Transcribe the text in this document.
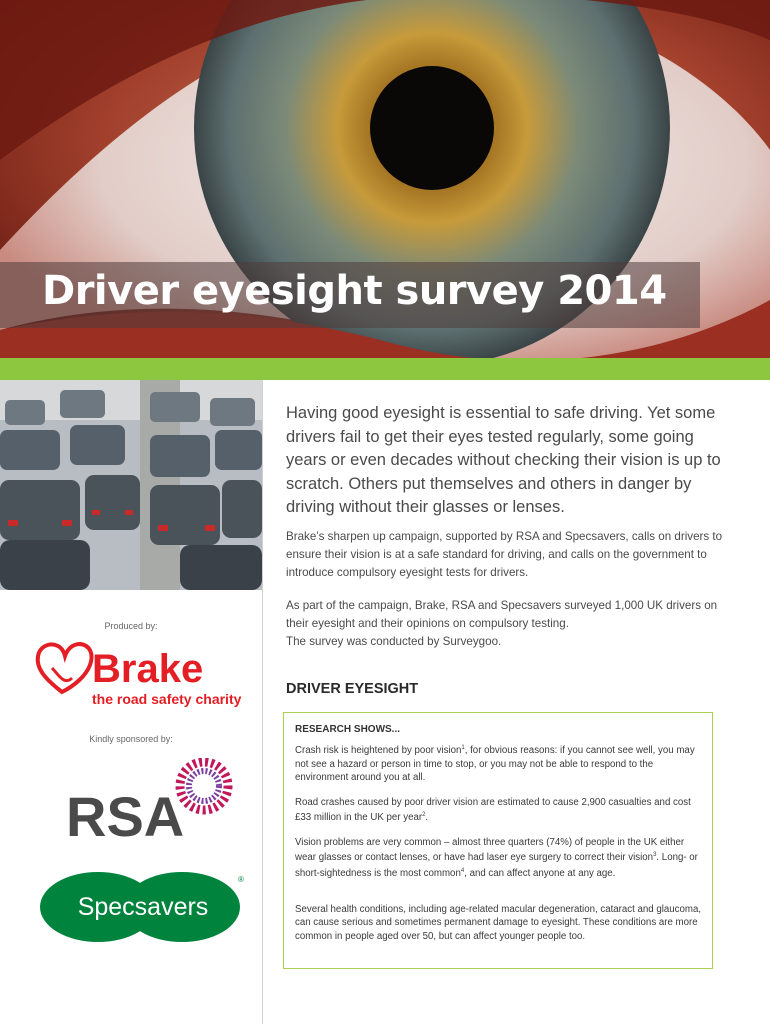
Driver eyesight survey 2014
Produced by:
Brake
the road safety charity
Kindly sponsored by:
RSA
Specsavers
®
Having good eyesight is essential to safe driving. Yet some drivers fail to get their eyes tested regularly, some going years or even decades without checking their vision is up to scratch. Others put themselves and others in danger by driving without their glasses or lenses.
Brake’s sharpen up campaign, supported by RSA and Specsavers, calls on drivers to ensure their vision is at a safe standard for driving, and calls on the government to introduce compulsory eyesight tests for drivers.
As part of the campaign, Brake, RSA and Specsavers surveyed 1,000 UK drivers on their eyesight and their opinions on compulsory testing.
The survey was conducted by Surveygoo.
DRIVER EYESIGHT
RESEARCH SHOWS...
Crash risk is heightened by poor vision$^1$, for obvious reasons: if you cannot see well, you may not see a hazard or person in time to stop, or you may not be able to respond to the environment around you at all.
Road crashes caused by poor driver vision are estimated to cause 2,900 casualties and cost £33 million in the UK per year$^2$.
Vision problems are very common – almost three quarters (74%) of people in the UK either wear glasses or contact lenses, or have had laser eye surgery to correct their vision$^3$. Long- or short-sightedness is the most common$^4$, and can affect anyone at any age.
Several health conditions, including age-related macular degeneration, cataract and glaucoma, can cause serious and sometimes permanent damage to eyesight. These conditions are more common in people aged over 50, but can affect younger people too.
